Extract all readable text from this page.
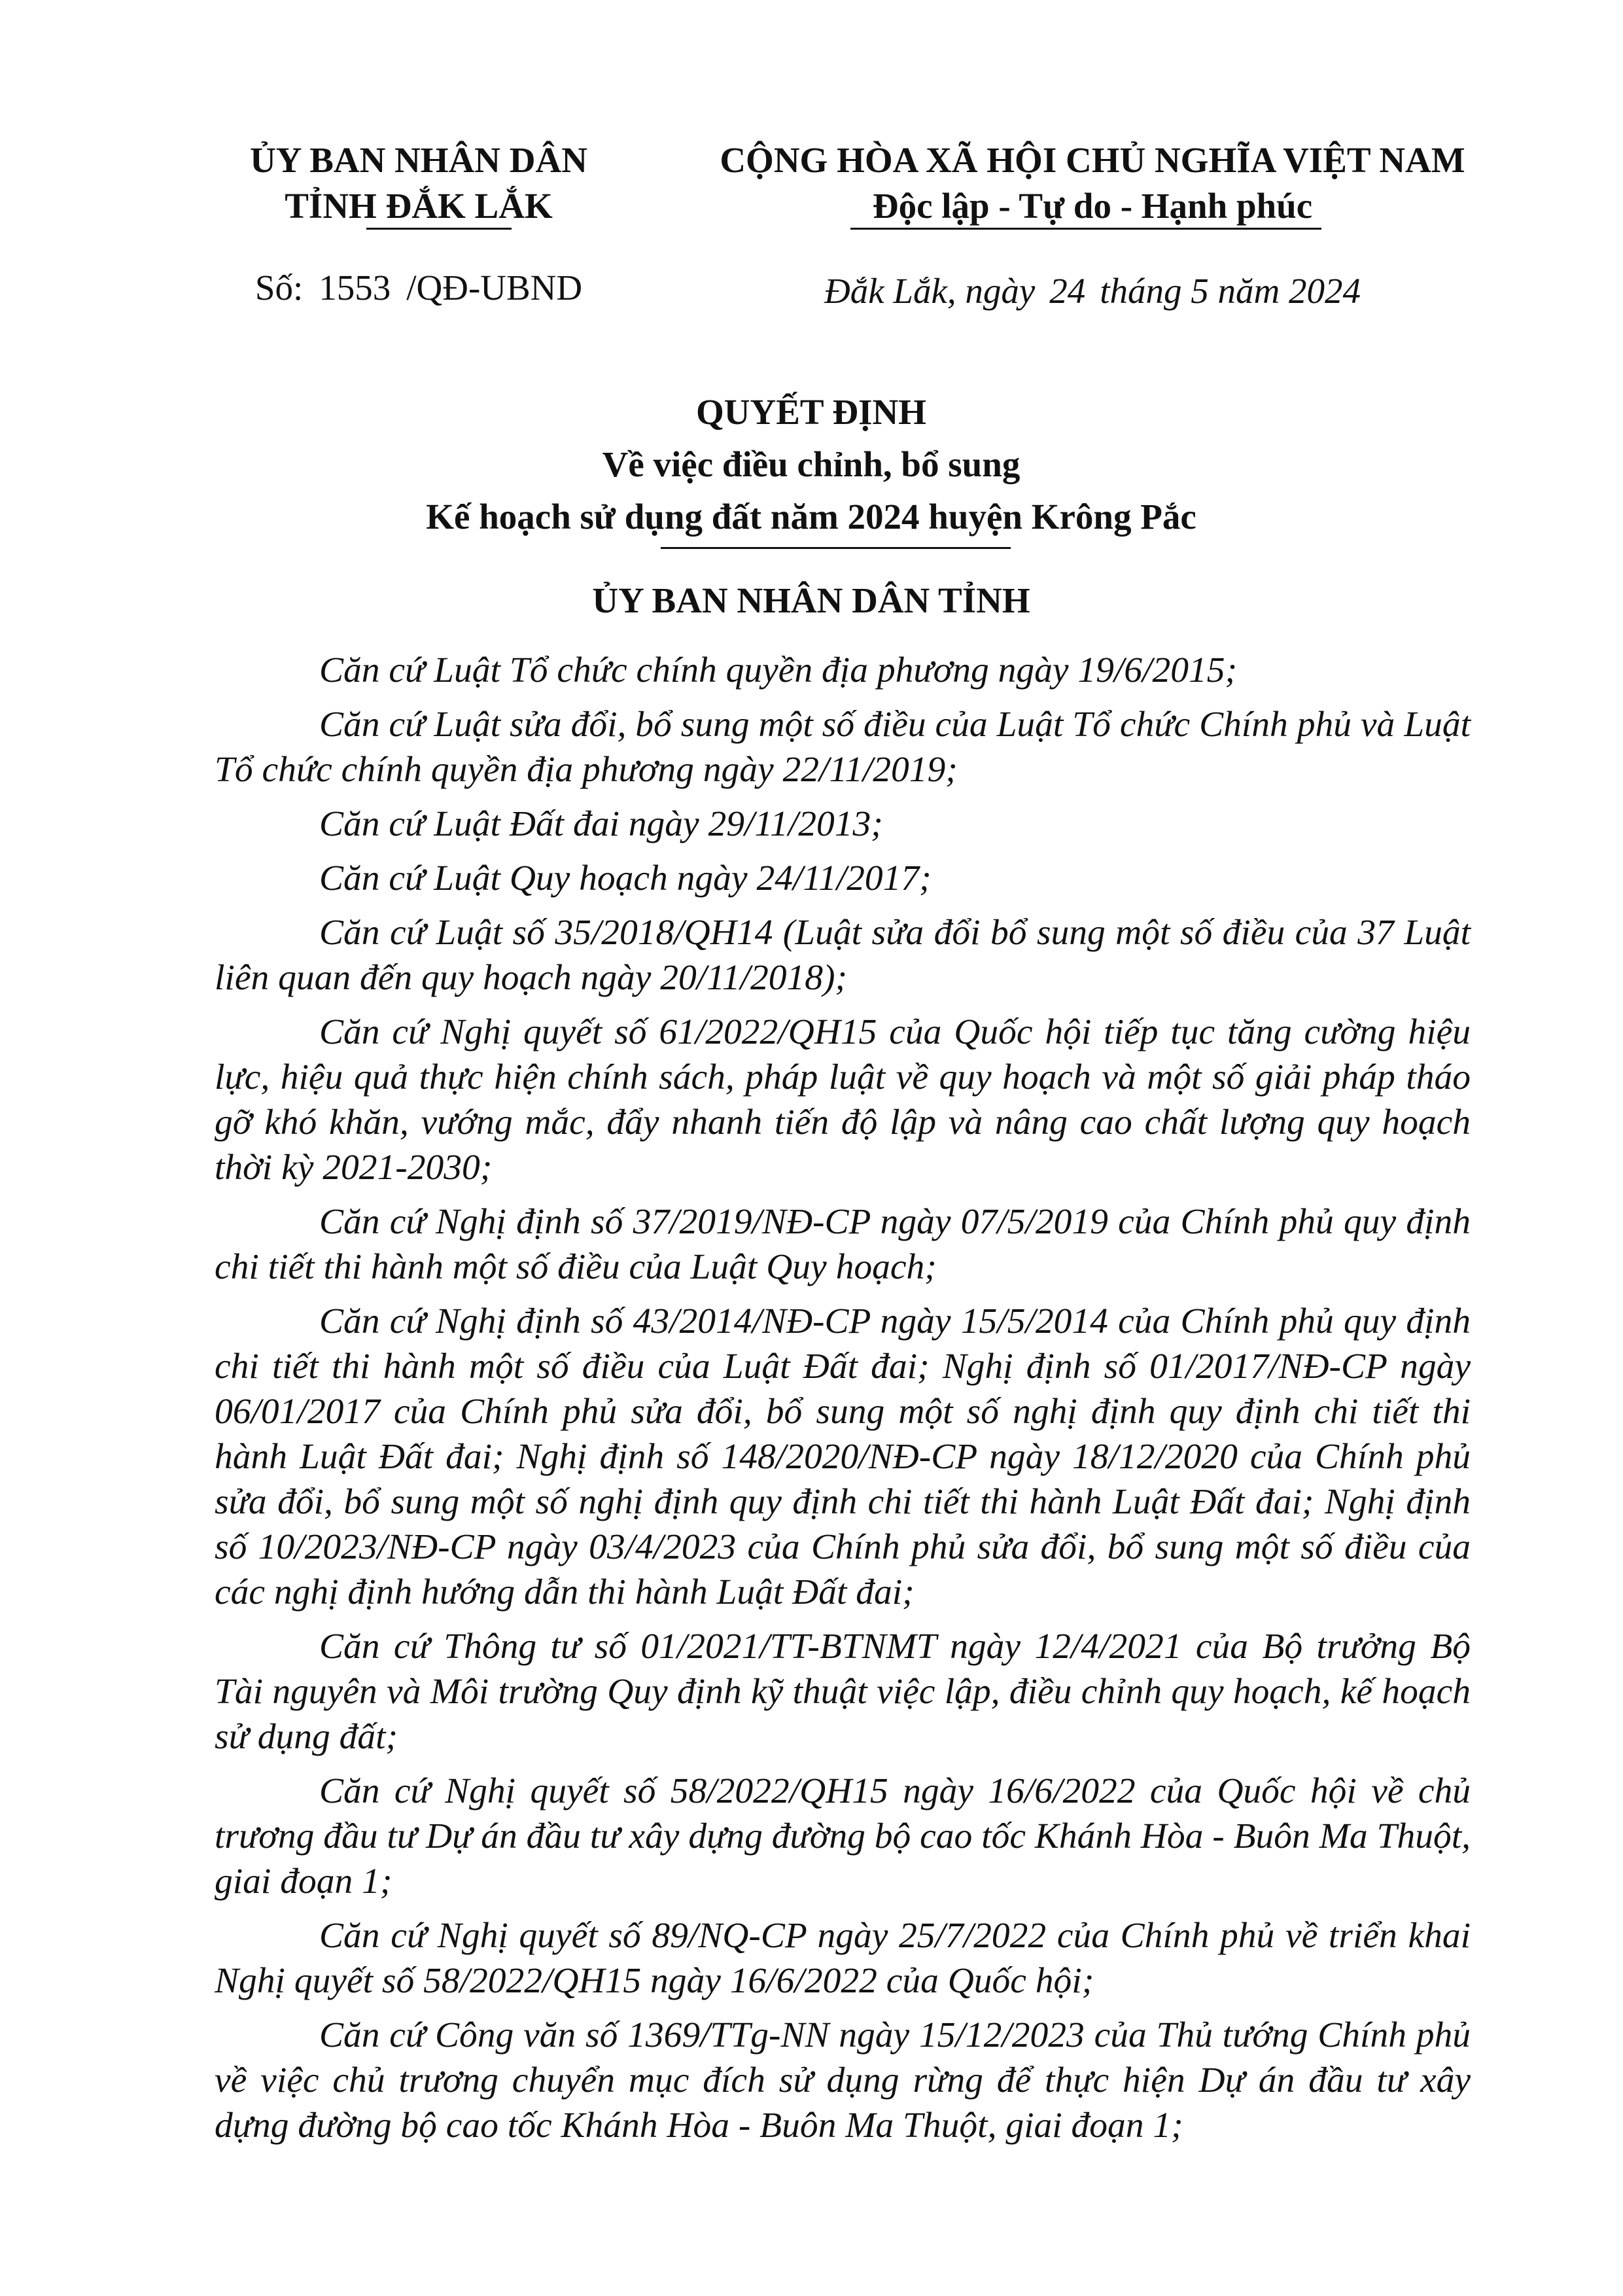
ỦY BAN NHÂN DÂN
TỈNH ĐẮK LẮK
CỘNG HÒA XÃ HỘI CHỦ NGHĨA VIỆT NAM
Độc lập - Tự do - Hạnh phúc
Số: 1553 /QĐ-UBND	Đắk Lắk, ngày 24 tháng 5 năm 2024
QUYẾT ĐỊNH
Về việc điều chỉnh, bổ sung
Kế hoạch sử dụng đất năm 2024 huyện Krông Pắc
ỦY BAN NHÂN DÂN TỈNH

Căn cứ Luật Tổ chức chính quyền địa phương ngày 19/6/2015;

Căn cứ Luật sửa đổi, bổ sung một số điều của Luật Tổ chức Chính phủ và Luật Tổ chức chính quyền địa phương ngày 22/11/2019;

Căn cứ Luật Đất đai ngày 29/11/2013;

Căn cứ Luật Quy hoạch ngày 24/11/2017;

Căn cứ Luật số 35/2018/QH14 (Luật sửa đổi bổ sung một số điều của 37 Luật liên quan đến quy hoạch ngày 20/11/2018);

Căn cứ Nghị quyết số 61/2022/QH15 của Quốc hội tiếp tục tăng cường hiệu lực, hiệu quả thực hiện chính sách, pháp luật về quy hoạch và một số giải pháp tháo gỡ khó khăn, vướng mắc, đẩy nhanh tiến độ lập và nâng cao chất lượng quy hoạch thời kỳ 2021-2030;

Căn cứ Nghị định số 37/2019/NĐ-CP ngày 07/5/2019 của Chính phủ quy định chi tiết thi hành một số điều của Luật Quy hoạch;

Căn cứ Nghị định số 43/2014/NĐ-CP ngày 15/5/2014 của Chính phủ quy định chi tiết thi hành một số điều của Luật Đất đai; Nghị định số 01/2017/NĐ-CP ngày 06/01/2017 của Chính phủ sửa đổi, bổ sung một số nghị định quy định chi tiết thi hành Luật Đất đai; Nghị định số 148/2020/NĐ-CP ngày 18/12/2020 của Chính phủ sửa đổi, bổ sung một số nghị định quy định chi tiết thi hành Luật Đất đai; Nghị định số 10/2023/NĐ-CP ngày 03/4/2023 của Chính phủ sửa đổi, bổ sung một số điều của các nghị định hướng dẫn thi hành Luật Đất đai;

Căn cứ Thông tư số 01/2021/TT-BTNMT ngày 12/4/2021 của Bộ trưởng Bộ Tài nguyên và Môi trường Quy định kỹ thuật việc lập, điều chỉnh quy hoạch, kế hoạch sử dụng đất;

Căn cứ Nghị quyết số 58/2022/QH15 ngày 16/6/2022 của Quốc hội về chủ trương đầu tư Dự án đầu tư xây dựng đường bộ cao tốc Khánh Hòa - Buôn Ma Thuột, giai đoạn 1;

Căn cứ Nghị quyết số 89/NQ-CP ngày 25/7/2022 của Chính phủ về triển khai Nghị quyết số 58/2022/QH15 ngày 16/6/2022 của Quốc hội;

Căn cứ Công văn số 1369/TTg-NN ngày 15/12/2023 của Thủ tướng Chính phủ về việc chủ trương chuyển mục đích sử dụng rừng để thực hiện Dự án đầu tư xây dựng đường bộ cao tốc Khánh Hòa - Buôn Ma Thuột, giai đoạn 1;
